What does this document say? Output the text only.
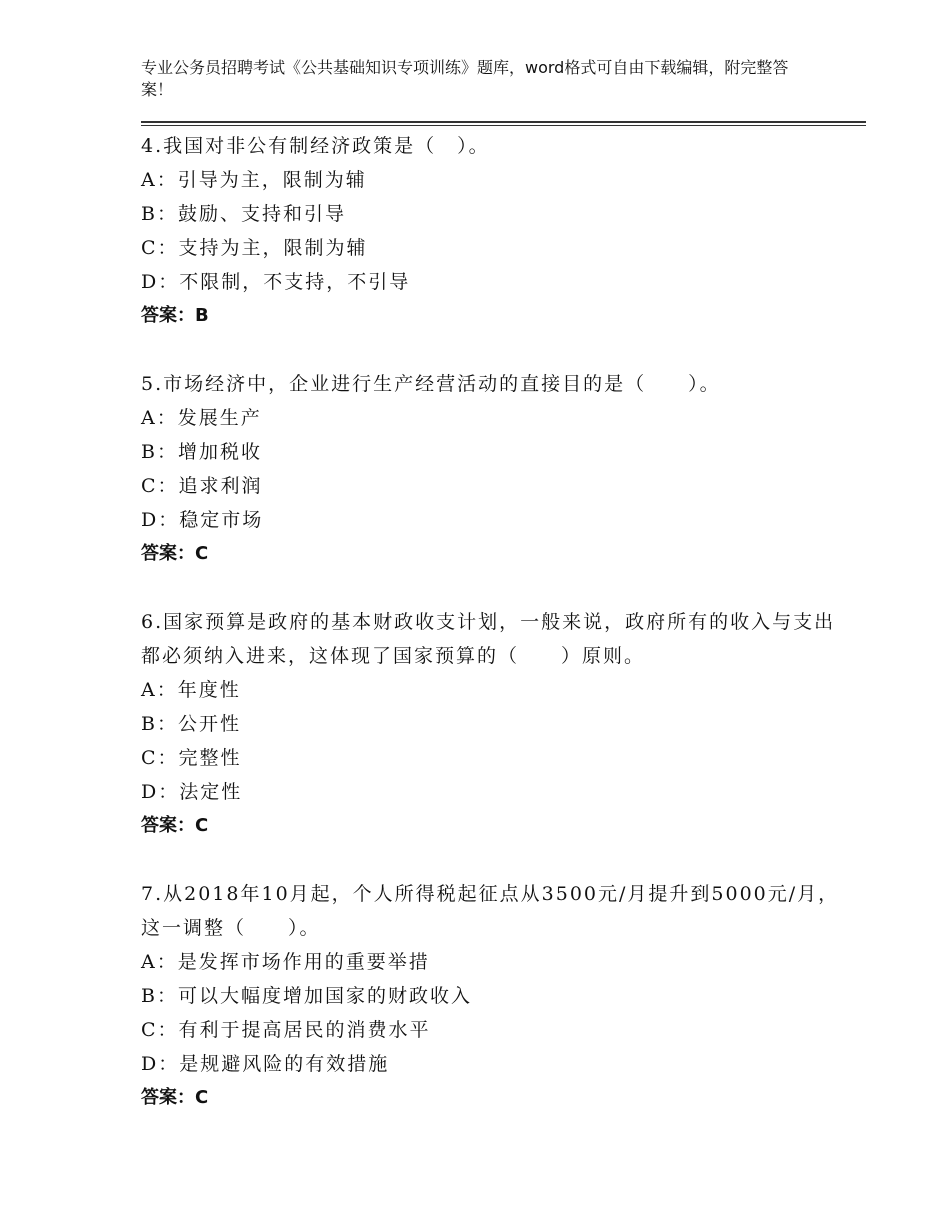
专业公务员招聘考试《公共基础知识专项训练》题库，word格式可自由下载编辑，附完整答案！
4.我国对非公有制经济政策是（　）。
A：引导为主，限制为辅
B：鼓励、支持和引导
C：支持为主，限制为辅
D：不限制，不支持，不引导
答案：B
5.市场经济中，企业进行生产经营活动的直接目的是（　　）。
A：发展生产
B：增加税收
C：追求利润
D：稳定市场
答案：C
6.国家预算是政府的基本财政收支计划，一般来说，政府所有的收入与支出都必须纳入进来，这体现了国家预算的（　　）原则。
A：年度性
B：公开性
C：完整性
D：法定性
答案：C
7.从2018年10月起，个人所得税起征点从3500元/月提升到5000元/月，这一调整（　　）。
A：是发挥市场作用的重要举措
B：可以大幅度增加国家的财政收入
C：有利于提高居民的消费水平
D：是规避风险的有效措施
答案：C
